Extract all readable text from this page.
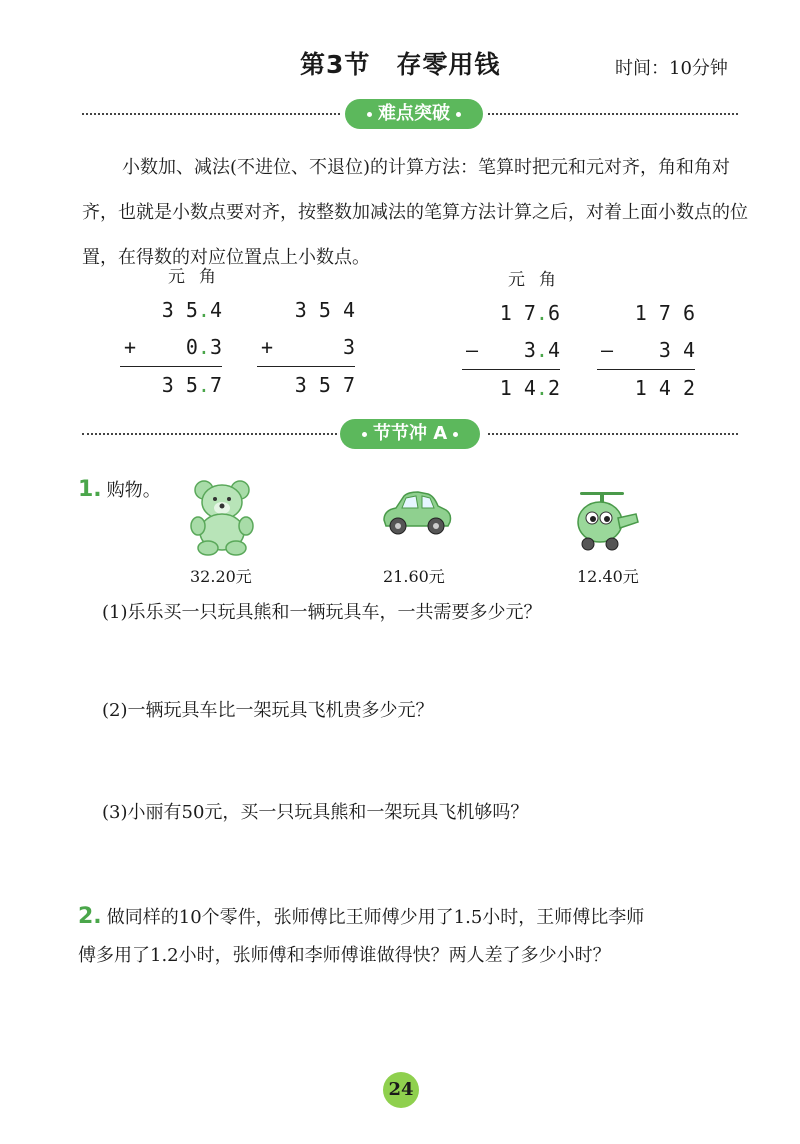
第3节　存零用钱	时间：10分钟
难点突破
小数加、减法(不进位、不退位)的计算方法：笔算时把元和元对齐，角和角对齐，也就是小数点要对齐，按整数加减法的笔算方法计算之后，对着上面小数点的位置，在得数的对应位置点上小数点。
元 角
3 5.4
+ 0.3
3 5.7
3 5 4
+	3
3 5 7
元 角
1 7.6
– 3.4
1 4.2
1 7 6
– 3 4
1 4 2
节节冲 A
1. 购物。
32.20元	21.60元	12.40元
(1)乐乐买一只玩具熊和一辆玩具车，一共需要多少元？
(2)一辆玩具车比一架玩具飞机贵多少元？
(3)小丽有50元，买一只玩具熊和一架玩具飞机够吗？
2. 做同样的10个零件，张师傅比王师傅少用了1.5小时，王师傅比李师
傅多用了1.2小时，张师傅和李师傅谁做得快？两人差了多少小时？
24
